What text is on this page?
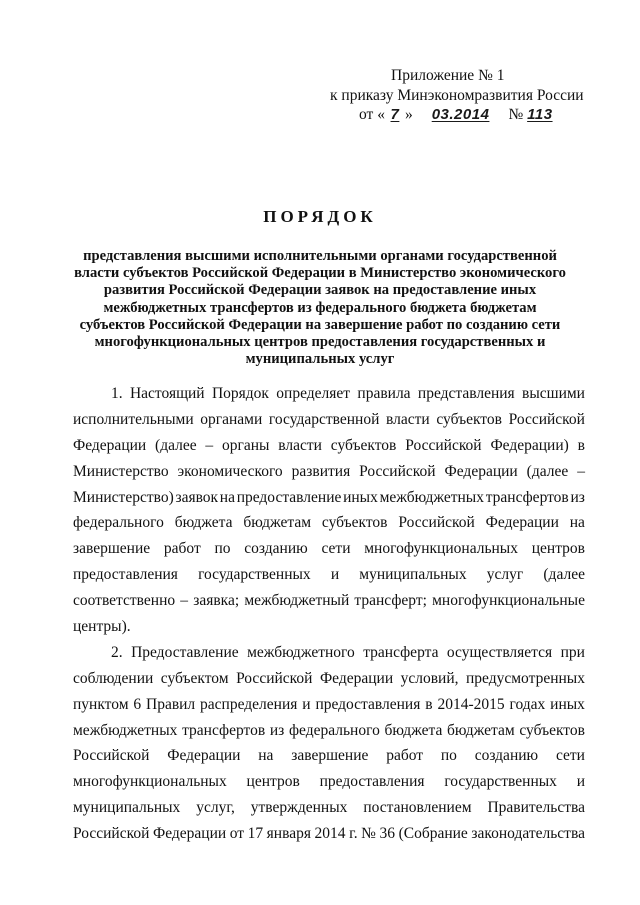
Приложение № 1
к приказу Минэкономразвития России
от « 7 » 03.2014 № 113
ПОРЯДОК
представления высшими исполнительными органами государственной
власти субъектов Российской Федерации в Министерство экономического
развития Российской Федерации заявок на предоставление иных
межбюджетных трансфертов из федерального бюджета бюджетам
субъектов Российской Федерации на завершение работ по созданию сети
многофункциональных центров предоставления государственных и
муниципальных услуг
1. Настоящий Порядок определяет правила представления высшими
исполнительными органами государственной власти субъектов Российской
Федерации (далее – органы власти субъектов Российской Федерации) в
Министерство экономического развития Российской Федерации (далее –
Министерство) заявок на предоставление иных межбюджетных трансфертов из
федерального бюджета бюджетам субъектов Российской Федерации на
завершение работ по созданию сети многофункциональных центров
предоставления государственных и муниципальных услуг (далее
соответственно – заявка; межбюджетный трансферт; многофункциональные
центры).
2. Предоставление межбюджетного трансферта осуществляется при
соблюдении субъектом Российской Федерации условий, предусмотренных
пунктом 6 Правил распределения и предоставления в 2014-2015 годах иных
межбюджетных трансфертов из федерального бюджета бюджетам субъектов
Российской Федерации на завершение работ по созданию сети
многофункциональных центров предоставления государственных и
муниципальных услуг, утвержденных постановлением Правительства
Российской Федерации от 17 января 2014 г. № 36 (Собрание законодательства
